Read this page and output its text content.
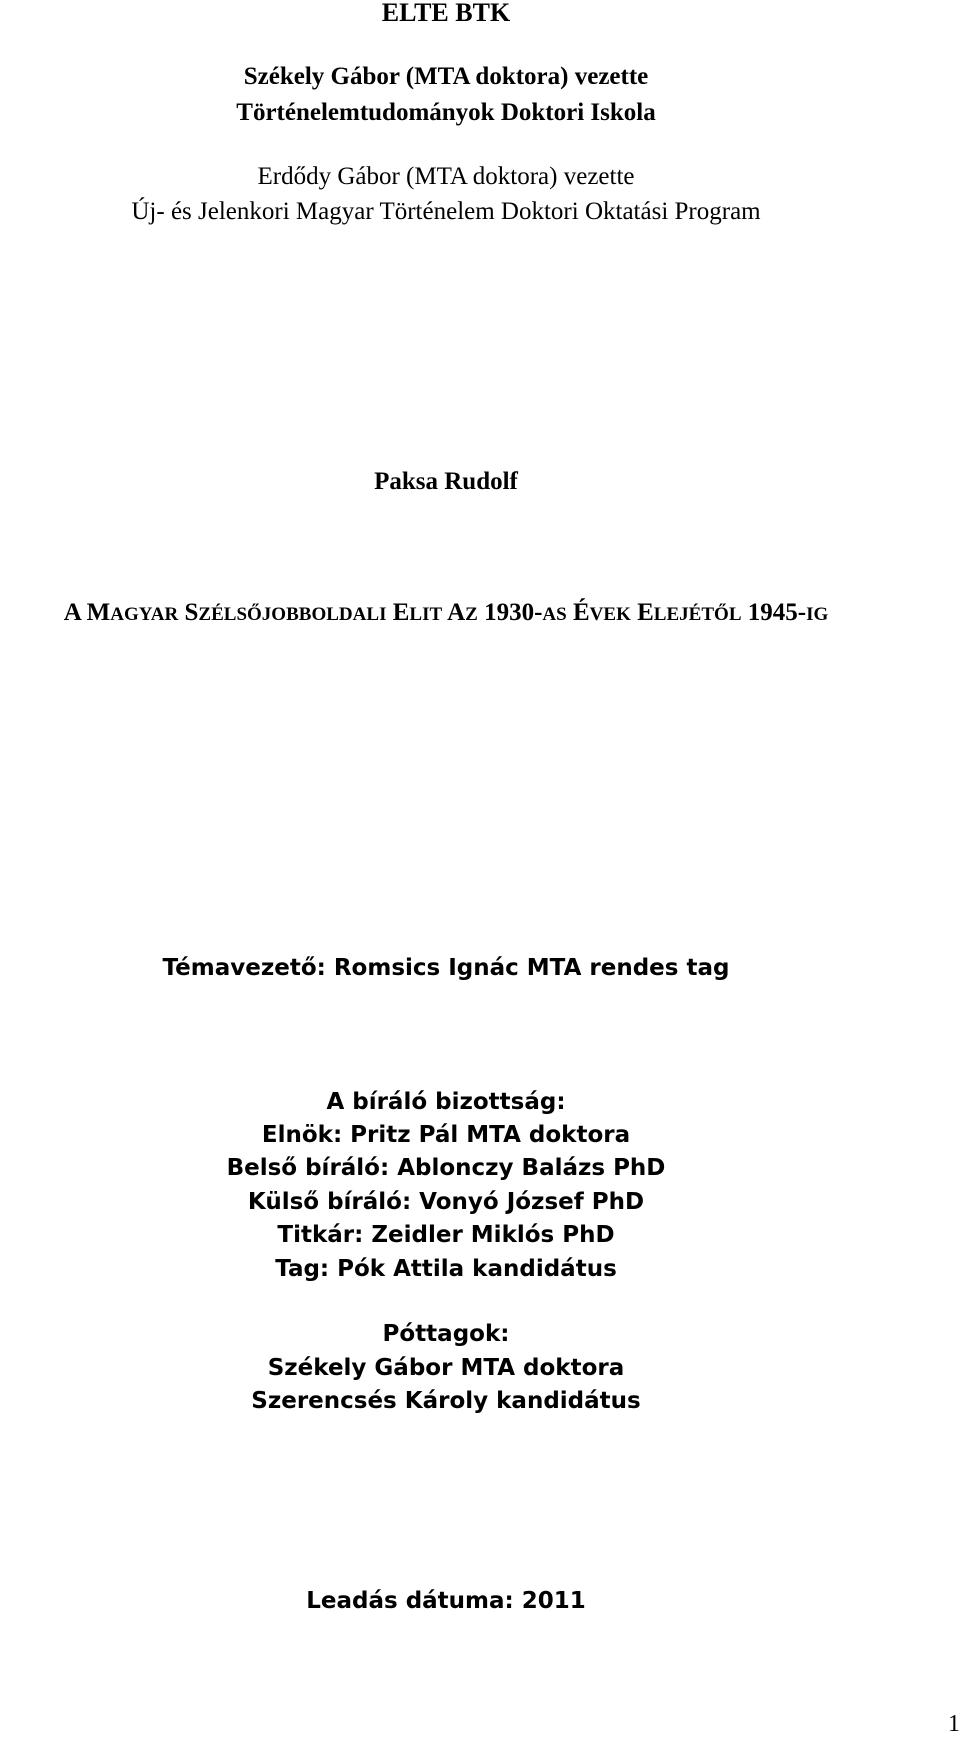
ELTE BTK
Székely Gábor (MTA doktora) vezette
Történelemtudományok Doktori Iskola
Erdődy Gábor (MTA doktora) vezette
Új- és Jelenkori Magyar Történelem Doktori Oktatási Program
Paksa Rudolf
A MAGYAR SZÉLSŐJOBBOLDALI ELIT AZ 1930-AS ÉVEK ELEJÉTŐL 1945-IG
Témavezető: Romsics Ignác MTA rendes tag
A bíráló bizottság:
Elnök: Pritz Pál MTA doktora
Belső bíráló: Ablonczy Balázs PhD
Külső bíráló: Vonyó József PhD
Titkár: Zeidler Miklós PhD
Tag: Pók Attila kandidátus
Póttagok:
Székely Gábor MTA doktora
Szerencsés Károly kandidátus
Leadás dátuma: 2011
1
